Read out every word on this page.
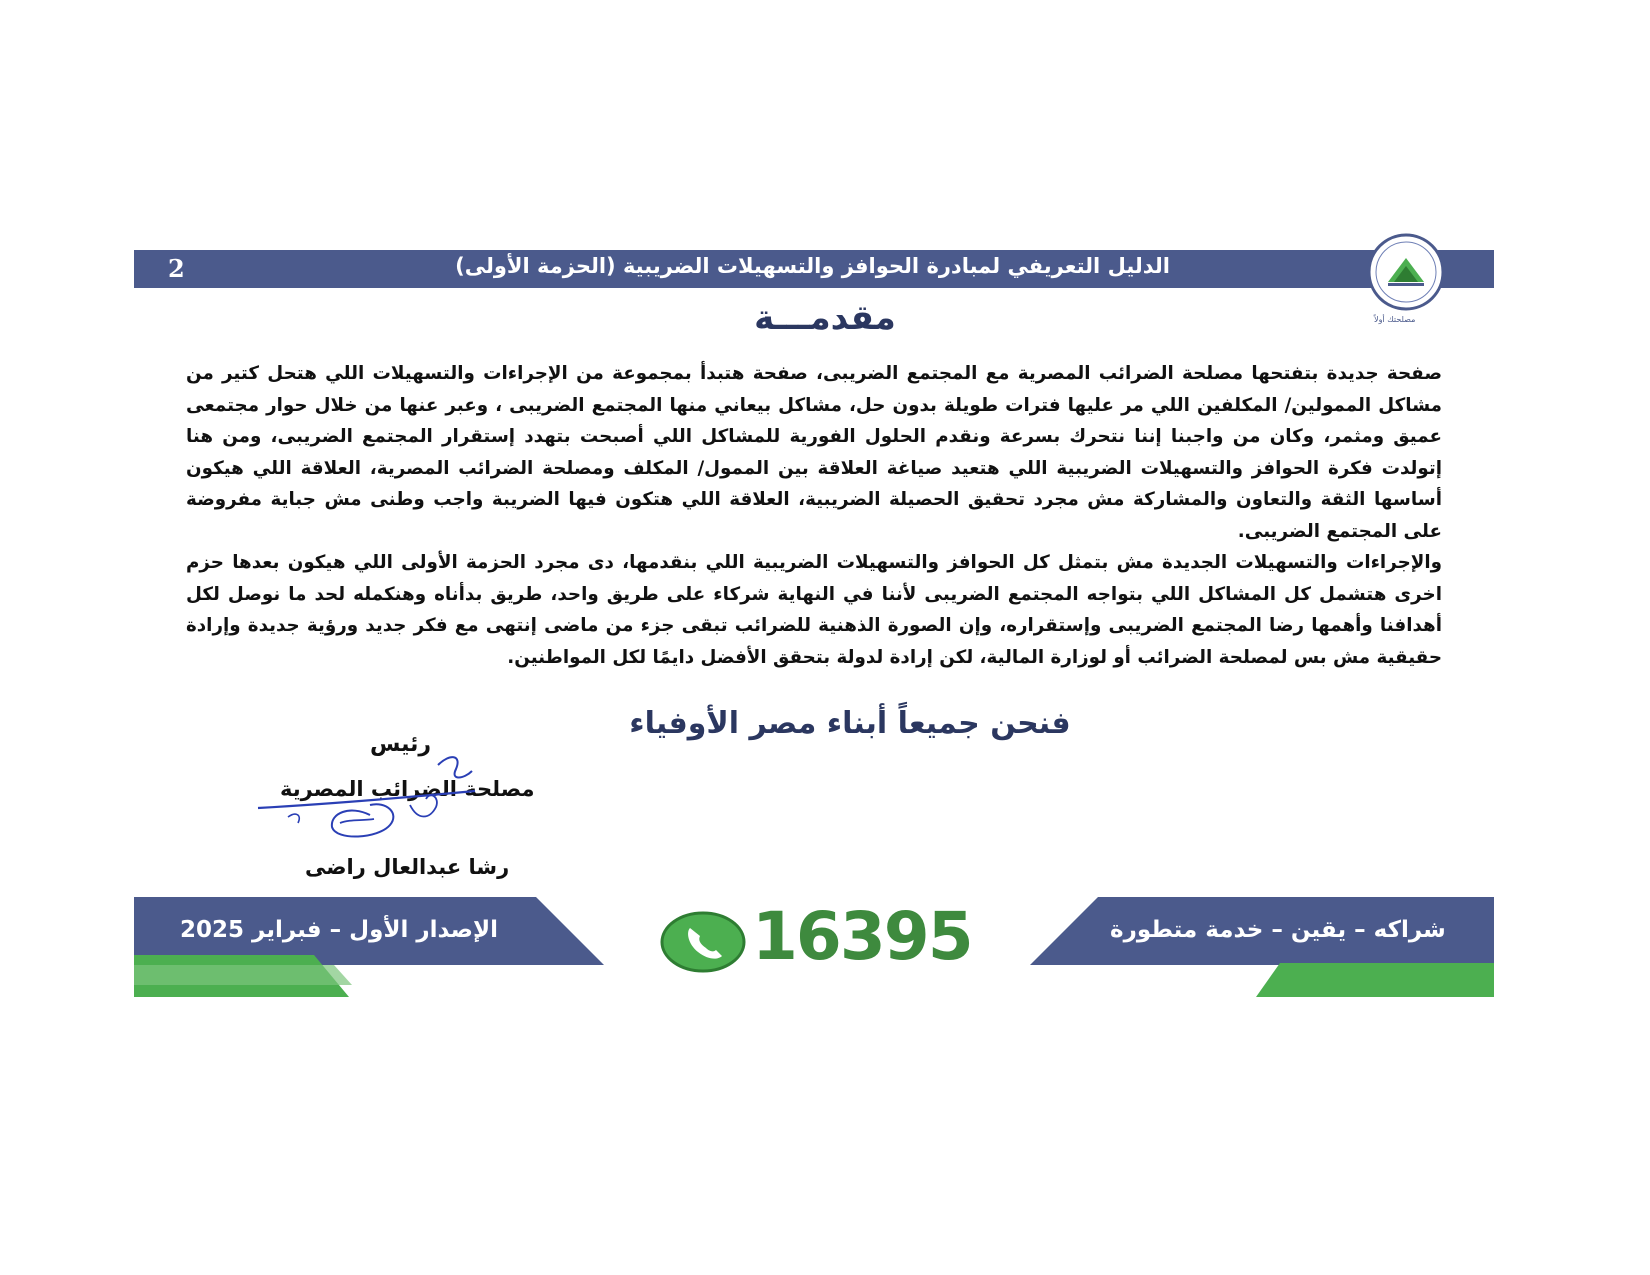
2	الدليل التعريفي لمبادرة الحوافز والتسهيلات الضريبية (الحزمة الأولى)
مصلحتك أولاً
مقدمـــة

صفحة جديدة بتفتحها مصلحة الضرائب المصرية مع المجتمع الضريبى، صفحة هتبدأ بمجموعة من الإجراءات والتسهيلات اللي هتحل كتير من مشاكل الممولين/ المكلفين اللي مر عليها فترات طويلة بدون حل، مشاكل بيعاني منها المجتمع الضريبى ، وعبر عنها من خلال حوار مجتمعى عميق ومثمر، وكان من واجبنا إننا نتحرك بسرعة ونقدم الحلول الفورية للمشاكل اللي أصبحت بتهدد إستقرار المجتمع الضريبى، ومن هنا إتولدت فكرة الحوافز والتسهيلات الضريبية اللي هتعيد صياغة العلاقة بين الممول/ المكلف ومصلحة الضرائب المصرية، العلاقة اللي هيكون أساسها الثقة والتعاون والمشاركة مش مجرد تحقيق الحصيلة الضريبية، العلاقة اللي هتكون فيها الضريبة واجب وطنى مش جباية مفروضة على المجتمع الضريبى.

والإجراءات والتسهيلات الجديدة مش بتمثل كل الحوافز والتسهيلات الضريبية اللي بنقدمها، دى مجرد الحزمة الأولى اللي هيكون بعدها حزم اخرى هتشمل كل المشاكل اللي بتواجه المجتمع الضريبى لأننا في النهاية شركاء على طريق واحد، طريق بدأناه وهنكمله لحد ما نوصل لكل أهدافنا وأهمها رضا المجتمع الضريبى وإستقراره، وإن الصورة الذهنية للضرائب تبقى جزء من ماضى إنتهى مع فكر جديد ورؤية جديدة وإرادة حقيقية مش بس لمصلحة الضرائب أو لوزارة المالية، لكن إرادة لدولة بتحقق الأفضل دايمًا لكل المواطنين.

فنحن جميعاً أبناء مصر الأوفياء
رئيس
مصلحة الضرائب المصرية
رشا عبدالعال راضى
الإصدار الأول – فبراير 2025	16395	شراكه – يقين – خدمة متطورة
